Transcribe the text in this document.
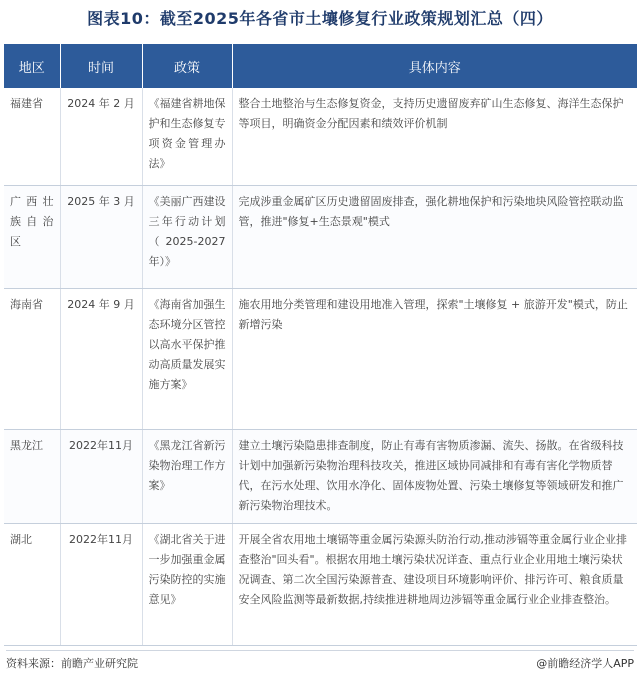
图表10：截至2025年各省市土壤修复行业政策规划汇总（四）
地区	时间	政策	具体内容
福建省	2024 年 2 月	《福建省耕地保护和生态修复专项资金管理办法》	整合土地整治与生态修复资金，支持历史遗留废弃矿山生态修复、海洋生态保护等项目，明确资金分配因素和绩效评价机制
广西壮族自治区	2025 年 3 月	《美丽广西建设三年行动计划（2025-2027 年）》	完成涉重金属矿区历史遗留固废排查，强化耕地保护和污染地块风险管控联动监管，推进"修复+生态景观"模式
海南省	2024 年 9 月	《海南省加强生态环境分区管控以高水平保护推动高质量发展实施方案》	施农用地分类管理和建设用地准入管理，探索"土壤修复 + 旅游开发"模式，防止新增污染
黑龙江	2022年11月	《黑龙江省新污染物治理工作方案》	建立土壤污染隐患排查制度，防止有毒有害物质渗漏、流失、扬散。在省级科技计划中加强新污染物治理科技攻关，推进区域协同减排和有毒有害化学物质替代，在污水处理、饮用水净化、固体废物处置、污染土壤修复等领域研发和推广新污染物治理技术。
湖北	2022年11月	《湖北省关于进一步加强重金属污染防控的实施意见》	开展全省农用地土壤镉等重金属污染源头防治行动,推动涉镉等重金属行业企业排查整治"回头看"。根据农用地土壤污染状况详查、重点行业企业用地土壤污染状况调查、第二次全国污染源普查、建设项目环境影响评价、排污许可、粮食质量安全风险监测等最新数据,持续推进耕地周边涉镉等重金属行业企业排查整治。
资料来源：前瞻产业研究院	@前瞻经济学人APP
